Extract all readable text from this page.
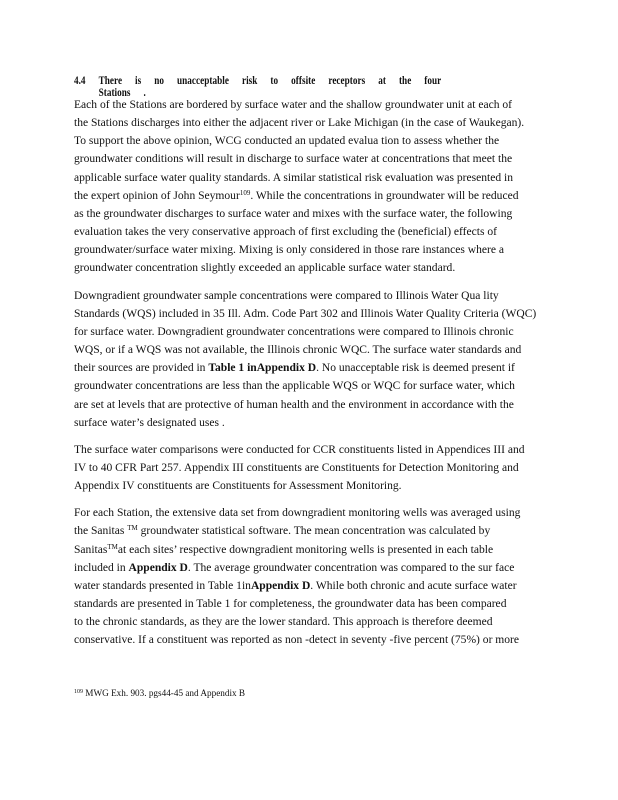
4.4 There is no unacceptable risk to offsite receptors at the four Stations .

Each of the Stations are bordered by surface water and the shallow groundwater unit at each of
the Stations discharges into either the adjacent river or Lake Michigan (in the case of Waukegan).
To support the above opinion, WCG conducted an updated evalua tion to assess whether the
groundwater conditions will result in discharge to surface water at concentrations that meet the
applicable surface water quality standards. A similar statistical risk evaluation was presented in
the expert opinion of John Seymour$^{109}$. While the concentrations in groundwater will be reduced
as the groundwater discharges to surface water and mixes with the surface water, the following
evaluation takes the very conservative approach of first excluding the (beneficial) effects of
groundwater/surface water mixing. Mixing is only considered in those rare instances where a
groundwater concentration slightly exceeded an applicable surface water standard.

Downgradient groundwater sample concentrations were compared to Illinois Water Qua lity
Standards (WQS) included in 35 Ill. Adm. Code Part 302 and Illinois Water Quality Criteria (WQC)
for surface water. Downgradient groundwater concentrations were compared to Illinois chronic
WQS, or if a WQS was not available, the Illinois chronic WQC. The surface water standards and
their sources are provided in Table 1 inAppendix D. No unacceptable risk is deemed present if
groundwater concentrations are less than the applicable WQS or WQC for surface water, which
are set at levels that are protective of human health and the environment in accordance with the
surface water’s designated uses .

The surface water comparisons were conducted for CCR constituents listed in Appendices III and
IV to 40 CFR Part 257. Appendix III constituents are Constituents for Detection Monitoring and
Appendix IV constituents are Constituents for Assessment Monitoring.

For each Station, the extensive data set from downgradient monitoring wells was averaged using
the Sanitas ™ groundwater statistical software. The mean concentration was calculated by
Sanitas™at each sites’ respective downgradient monitoring wells is presented in each table
included in Appendix D. The average groundwater concentration was compared to the sur face
water standards presented in Table 1inAppendix D. While both chronic and acute surface water
standards are presented in Table 1 for completeness, the groundwater data has been compared
to the chronic standards, as they are the lower standard. This approach is therefore deemed
conservative. If a constituent was reported as non -detect in seventy -five percent (75%) or more

$^{109}$ MWG Exh. 903. pgs44-45 and Appendix B
